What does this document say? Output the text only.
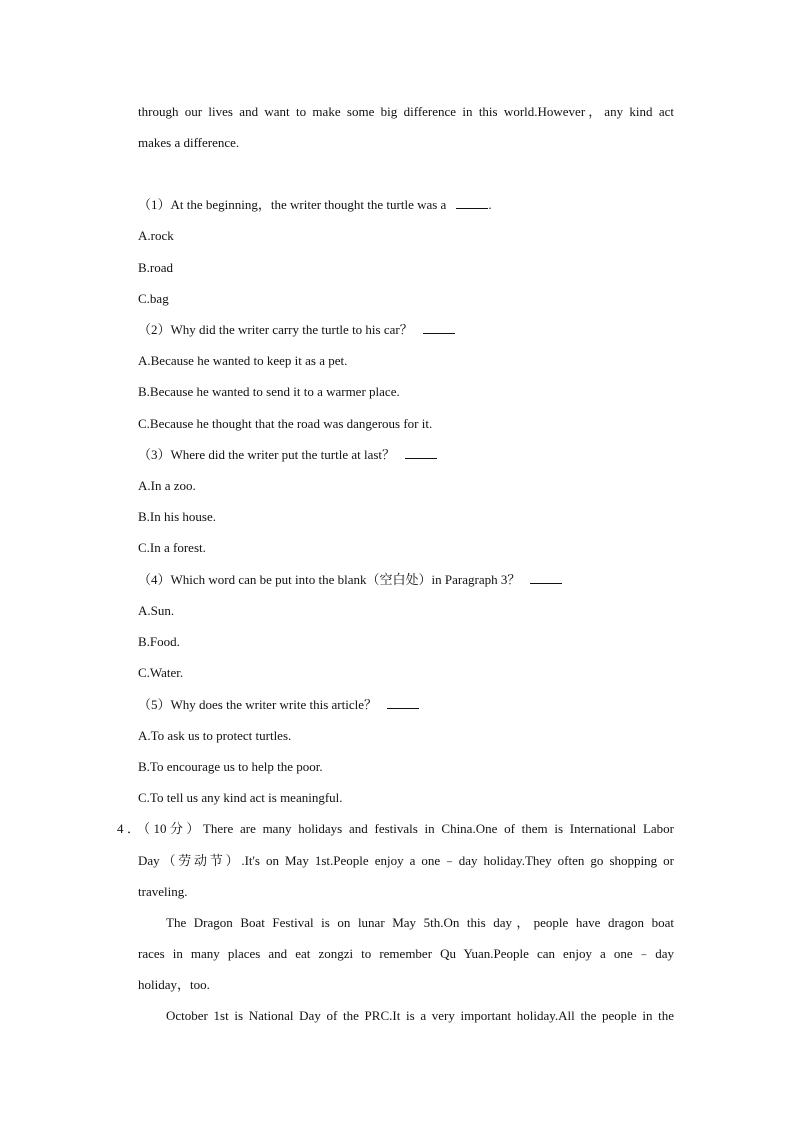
through our lives and want to make some big difference in this world.However，any kind act
makes a difference.
（1）At the beginning，the writer thought the turtle was a	.
A.rock
B.road
C.bag
（2）Why did the writer carry the turtle to his car？
A.Because he wanted to keep it as a pet.
B.Because he wanted to send it to a warmer place.
C.Because he thought that the road was dangerous for it.
（3）Where did the writer put the turtle at last？
A.In a zoo.
B.In his house.
C.In a forest.
（4）Which word can be put into the blank（空白处）in Paragraph 3？
A.Sun.
B.Food.
C.Water.
（5）Why does the writer write this article？
A.To ask us to protect turtles.
B.To encourage us to help the poor.
C.To tell us any kind act is meaningful.
4．（10分）There are many holidays and festivals in China.One of them is International Labor
Day（劳动节）.It's on May 1st.People enjoy a one﹣day holiday.They often go shopping or
traveling.
The Dragon Boat Festival is on lunar May 5th.On this day，people have dragon boat
races in many places and eat zongzi to remember Qu Yuan.People can enjoy a one﹣day
holiday，too.
October 1st is National Day of the PRC.It is a very important holiday.All the people in the
